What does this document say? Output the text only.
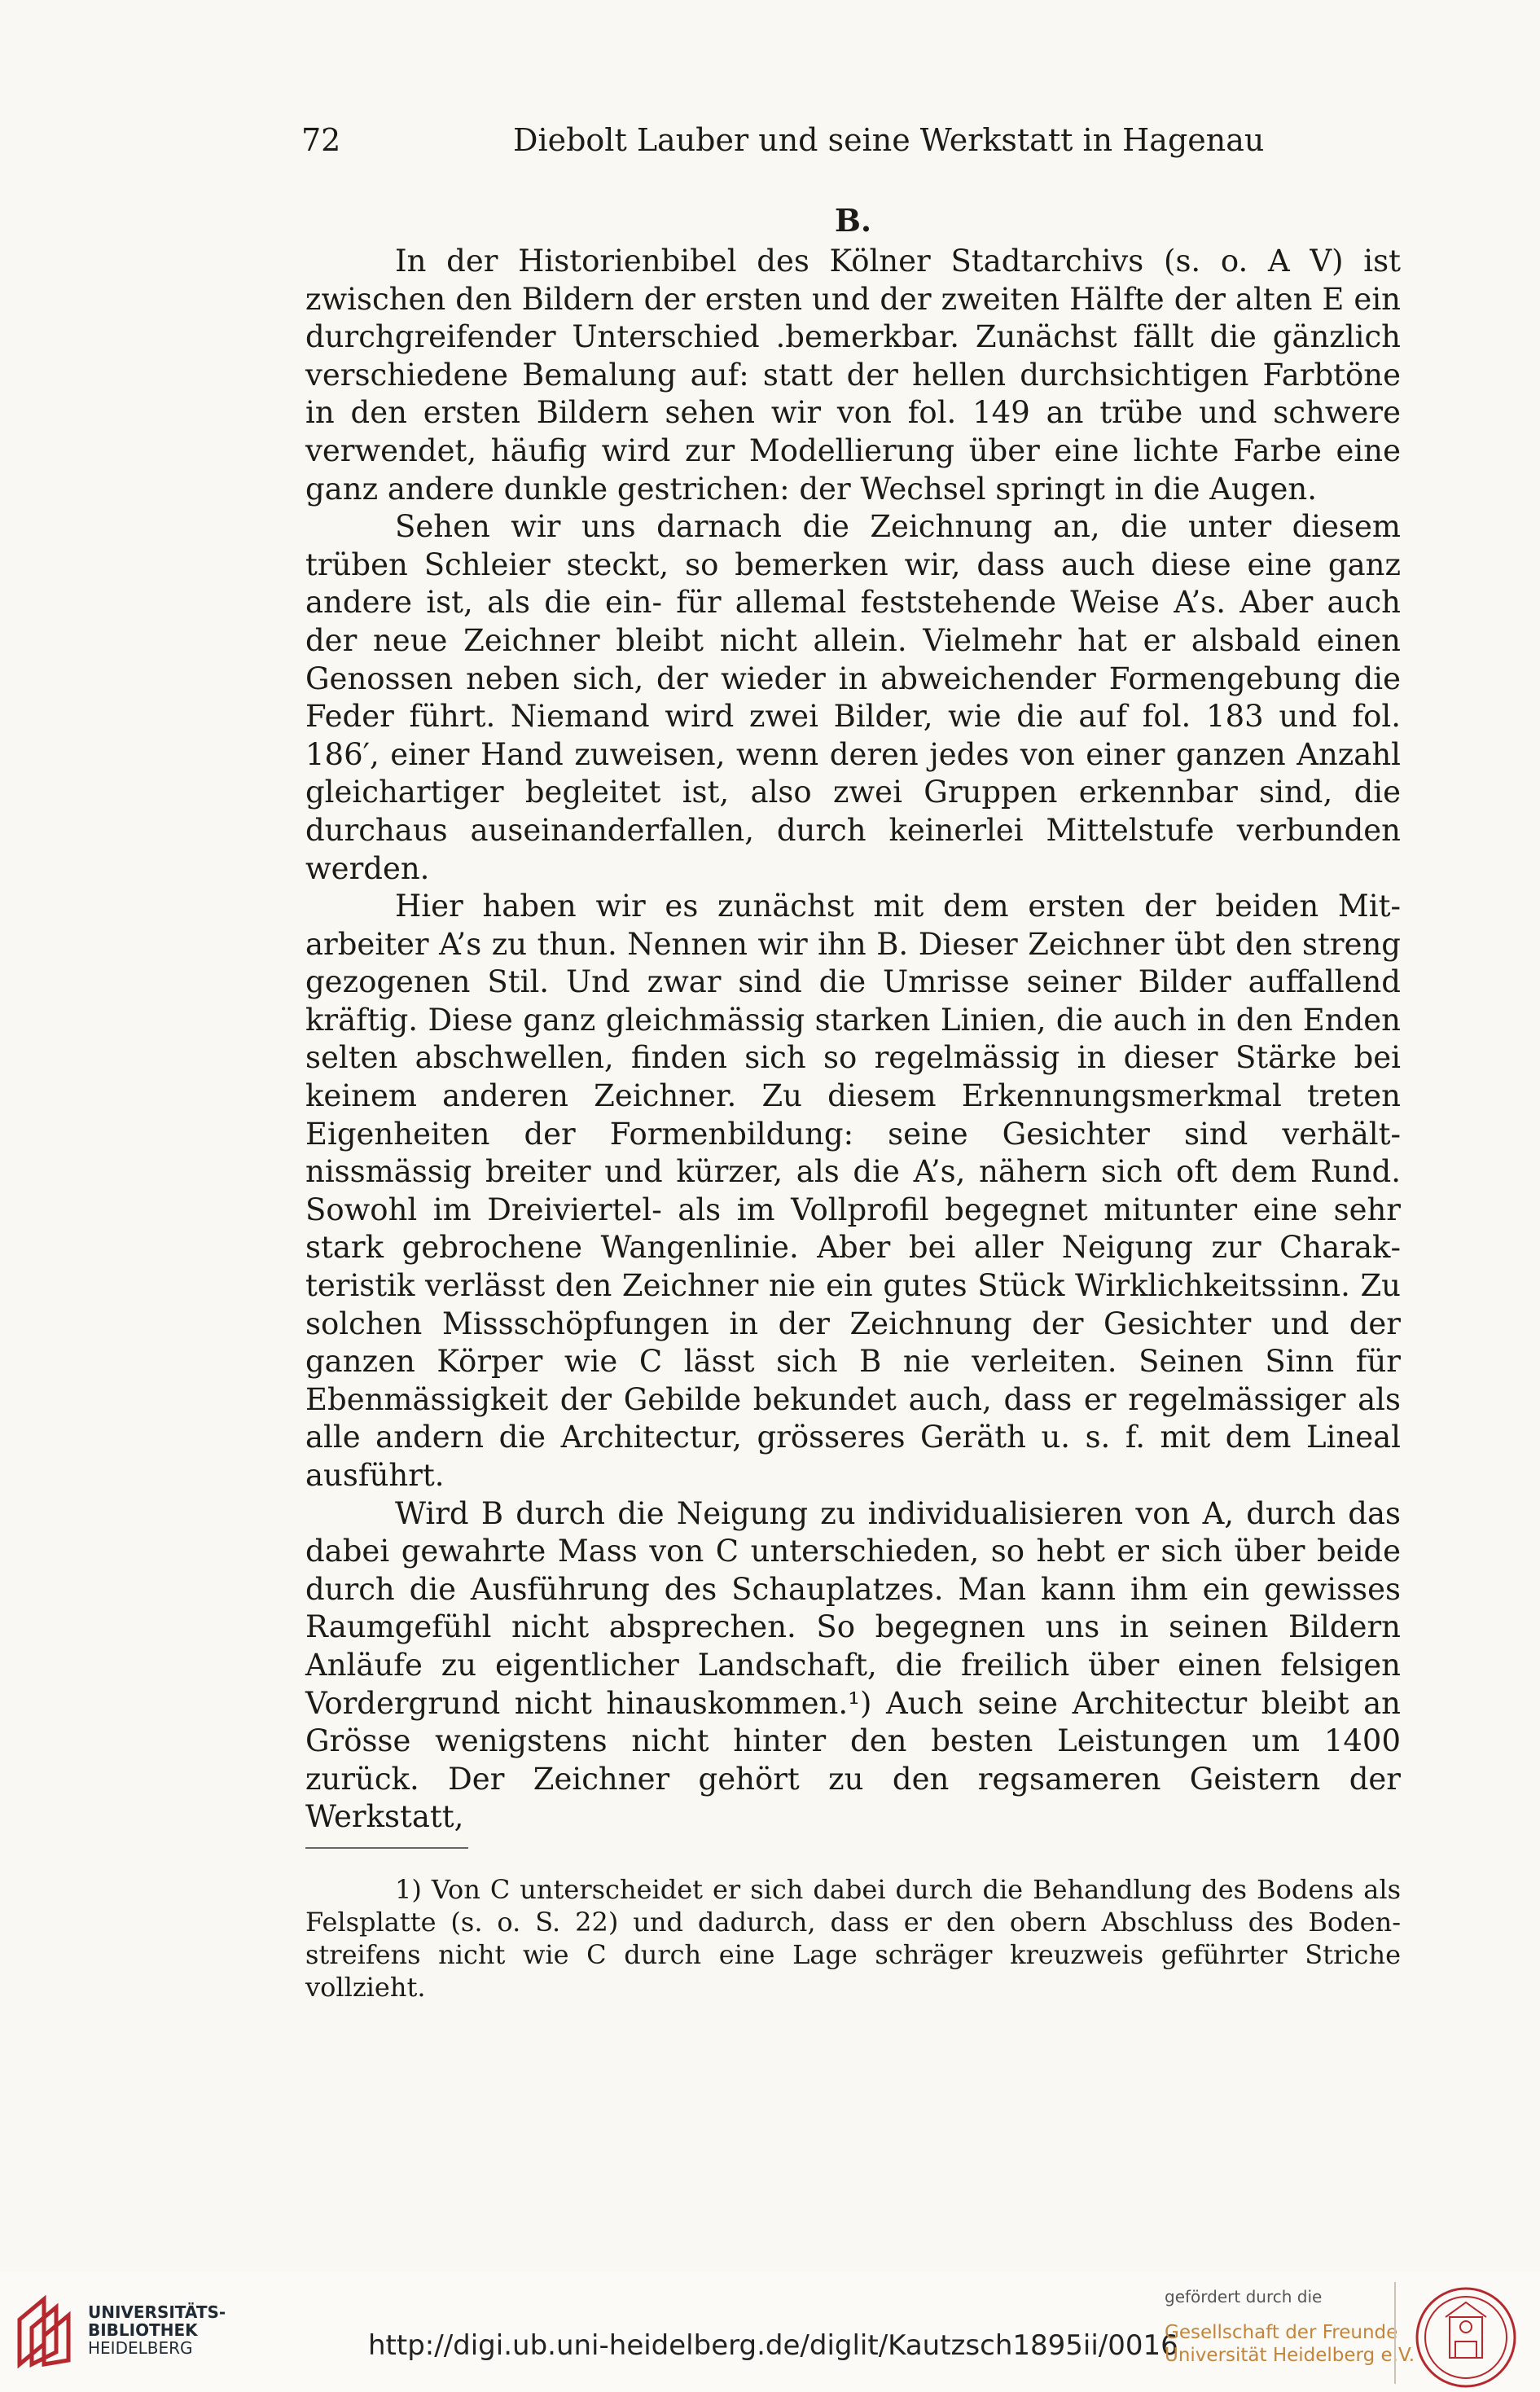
72	Diebolt Lauber und seine Werkstatt in Hagenau
B.

In der Historienbibel des Kölner Stadtarchivs (s. o. A V) ist zwischen den Bildern der ersten und der zweiten Hälfte der alten E ein durchgreifender Unterschied .bemerkbar. Zunächst fällt die gänzlich verschiedene Bemalung auf: statt der hellen durchsichtigen Farbtöne in den ersten Bildern sehen wir von fol. 149 an trübe und schwere verwendet, häufig wird zur Modellierung über eine lichte Farbe eine ganz andere dunkle gestrichen: der Wechsel springt in die Augen.

Sehen wir uns darnach die Zeichnung an, die unter diesem trüben Schleier steckt, so bemerken wir, dass auch diese eine ganz andere ist, als die ein- für allemal feststehende Weise A’s. Aber auch der neue Zeichner bleibt nicht allein. Vielmehr hat er alsbald einen Genossen neben sich, der wieder in abweichender Formengebung die Feder führt. Niemand wird zwei Bilder, wie die auf fol. 183 und fol. 186′, einer Hand zuweisen, wenn deren jedes von einer ganzen Anzahl gleichartiger begleitet ist, also zwei Gruppen erkennbar sind, die durchaus auseinanderfallen, durch keinerlei Mittelstufe verbunden werden.

Hier haben wir es zunächst mit dem ersten der beiden Mitarbeiter A’s zu thun. Nennen wir ihn B. Dieser Zeichner übt den streng gezogenen Stil. Und zwar sind die Umrisse seiner Bilder auffallend kräftig. Diese ganz gleichmässig starken Linien, die auch in den Enden selten abschwellen, finden sich so regelmässig in dieser Stärke bei keinem anderen Zeichner. Zu diesem Erkennungsmerkmal treten Eigenheiten der Formenbildung: seine Gesichter sind verhältnissmässig breiter und kürzer, als die A’s, nähern sich oft dem Rund. Sowohl im Dreiviertel- als im Vollprofil begegnet mitunter eine sehr stark gebrochene Wangenlinie. Aber bei aller Neigung zur Charakteristik verlässt den Zeichner nie ein gutes Stück Wirklichkeitssinn. Zu solchen Missschöpfungen in der Zeichnung der Gesichter und der ganzen Körper wie C lässt sich B nie verleiten. Seinen Sinn für Ebenmässigkeit der Gebilde bekundet auch, dass er regelmässiger als alle andern die Architectur, grösseres Geräth u. s. f. mit dem Lineal ausführt.

Wird B durch die Neigung zu individualisieren von A, durch das dabei gewahrte Mass von C unterschieden, so hebt er sich über beide durch die Ausführung des Schauplatzes. Man kann ihm ein gewisses Raumgefühl nicht absprechen. So begegnen uns in seinen Bildern Anläufe zu eigentlicher Landschaft, die freilich über einen felsigen Vordergrund nicht hinauskommen.¹) Auch seine Architectur bleibt an Grösse wenigstens nicht hinter den besten Leistungen um 1400 zurück. Der Zeichner gehört zu den regsameren Geistern der Werkstatt,

1) Von C unterscheidet er sich dabei durch die Behandlung des Bodens als Felsplatte (s. o. S. 22) und dadurch, dass er den obern Abschluss des Bodenstreifens nicht wie C durch eine Lage schräger kreuzweis geführter Striche vollzieht.
UNIVERSITÄTS-
BIBLIOTHEK
HEIDELBERG	http://digi.ub.uni-heidelberg.de/diglit/Kautzsch1895ii/0016
gefördert durch die
Gesellschaft der Freunde
Universität Heidelberg e.V.
